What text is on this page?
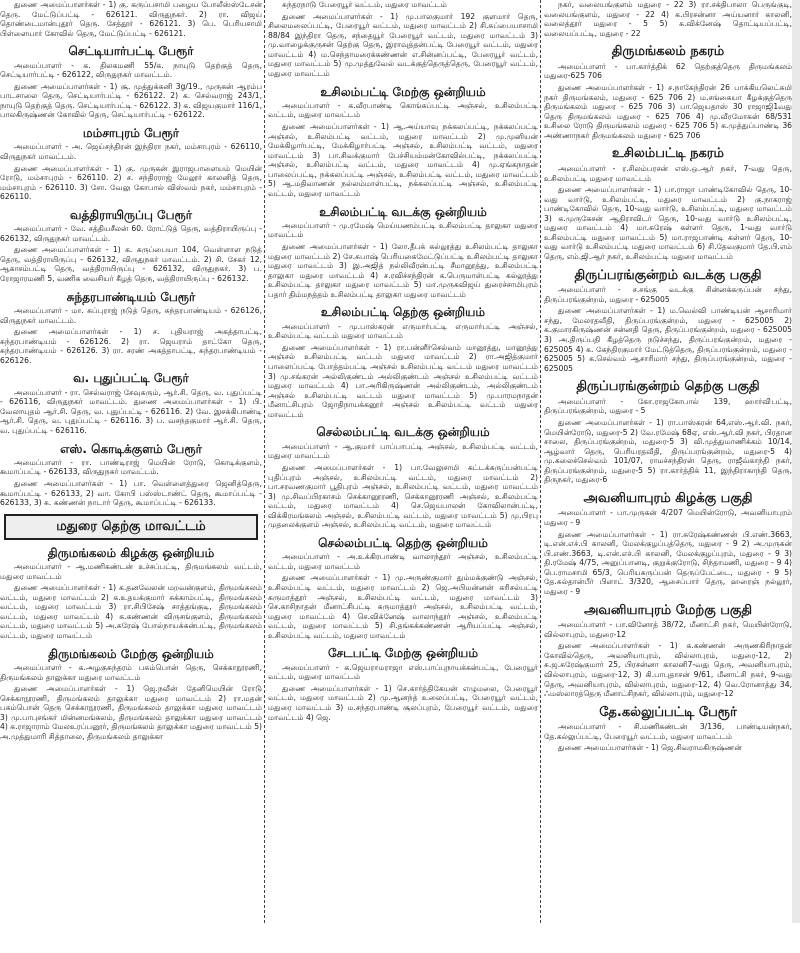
துணை அமைப்பாளர்கள் - 1) கு. கருப்பசாமி பழைய போலீஸ்ஸ்டேசன் தெரு. மேட்டுப்பட்டி - 626121. விருதுநகர். 2) ரா. விஜய் தொண்டைமான்புதூர் தெரு. சேத்தூர் - 626121. 3) பெ. பெரியசாமி பிள்ளையார் கோவில் தெரு, மேட்டுப்பட்டி - 626121.

செட்டியார்பட்டி பேரூர்

அமைப்பாளர் - க. திலகமணி 55/க. நாயுடு தெற்குத் தெரு, செட்டியார்பட்டி - 626122, விருதுநகர் மாவட்டம்.

துணை அமைப்பாளர்கள் - 1) சூ. முத்துக்கனி 3g/19., முருகன் ஆரம்ப பாடசாலை தெரு, செட்டியார்பட்டி - 626122. 2) க. செல்வராஜ் 243/1, நாயுடு தெற்குத் தெரு. செட்டியார்பட்டி - 626122. 3) க. விஜயகுமார் 116/1, பாலகிருஷ்ணன் கோவில் தெரு, செட்டியார்பட்டி - 626122.

மம்சாபுரம் பேரூர்

அமைப்பாளர் - அ. ஜெய்சந்திரன் இந்திரா நகர், மம்சாபுரம் - 626110, விருதுநகர் மாவட்டம்.

துணை அமைப்பாளர்கள் - 1) கு. முருகன் இராஜபாளையம் மெயின் ரோடு, மம்சாபுரம் - 626110. 2) ச. சந்திரராஜ் மேலூர் காலனித் தெரு, மம்சாபுரம் - 626110. 3) சோ. வேலு கோபால் விஸ்வம் நகர், மம்சாபுரம் - 626110.

வத்திராயிருப்பு பேரூர்

அமைப்பாளர் - வே. சத்தியசீலன் 60. ரோட்டுத் தெரு, வத்திராயிருப்பு - 626132, விருதுநகர் மாவட்டம்.

துணை அமைப்பாளர்கள் - 1) க. கருப்பையா 104, வெள்ளாள நடுத் தெரு, வத்திராயிருப்பு - 626132, விருதுநகர் மாவட்டம். 2) சி. சேகர் 12, ஆகாசம்பட்டி தெரு, வத்திராயிருப்பு - 626132, விருதுநகர். 3) ப. ரோஜாரமணி 5, வணிக வைசியர் கீழத் தெரு, வத்திராயிருப்பு - 626132.

சுந்தரபாண்டியம் பேரூர்

அமைப்பாளர் - மா. சுப்புராஜ் நடுத் தெரு, சுந்தரபாண்டியம் - 626126, விருதுநகர் மாவட்டம்.

துணை அமைப்பாளர்கள் - 1) ச. புதியராஜ் அகத்தாபட்டி, சுந்தரபாண்டியம் - 626126. 2) ரா. ஜெயராம் தாட்கோ தெரு, சுந்தரபாண்டியம் - 626126. 3) ரா. சரண் அகத்தாபட்டி, சுந்தரபாண்டியம் - 626126.

வ. புதுப்பட்டி பேரூர்

அமைப்பாளர் - ரா. செல்வராஜ் சேவுகரும், ஆர்.சி. தெரு, வ. புதுப்பட்டி - 626116, விருதுநகர் மாவட்டம். துணை அமைப்பாளர்கள் - 1) பி. வேலாயுதம் ஆர்.சி. தெரு, வ. புதுப்பட்டி - 626116. 2) வே. இசக்கிபாண்டி ஆர்.சி. தெரு, வ. புதுப்பட்டி - 626116. 3) ப. வசந்தகுமார் ஆர்.சி. தெரு, வ. புதுப்பட்டி - 626116.

எஸ். கொடிக்குளம் பேரூர்

அமைப்பாளர் - ரா. பாண்டிராஜ் மெயின் ரோடு, கொடிக்குளம், கூமாப்பட்டி - 626133, விருதுநகர் மாவட்டம்.

துணை அமைப்பாளர்கள் - 1) பா. வெள்ளைத்துரை ஜெனித்தெரு, கூமாப்பட்டி - 626133, 2) வா. கோபி பஸ்ஸ்டாண்ட் தெரு, கூமாப்பட்டி - 626133, 3) க. கண்ணன் நாடார் தெரு, கூமாப்பட்டி - 626133.

மதுரை தெற்கு மாவட்டம்
திருமங்கலம் கிழக்கு ஒன்றியம்

அமைப்பாளர் - ஆ.மணிகண்டன் உச்சப்பட்டி, திருமங்கலம் வட்டம், மதுரை மாவட்டம்

துணை அமைப்பாளர்கள் - 1) க.தனவேலன் மறவன்குளம், திருமங்கலம் வட்டம், மதுரை மாவட்டம் 2) க.உதயக்குமார் சுக்காம்பட்டி, திருமங்கலம் வட்டம், மதுரை மாவட்டம் 3) ரா.சிபிசேஷ் சாத்தங்குடி, திருமங்கலம் வட்டம், மதுரை மாவட்டம் 4) க.கண்ணன் விருசங்குளம், திருமங்கலம் வட்டம், மதுரை மாவட்டம் 5) அ.சுரேஷ் போல்நாயக்கன்பட்டி, திருமங்கலம் வட்டம், மதுரை மாவட்டம்

திருமங்கலம் மேற்கு ஒன்றியம்

அமைப்பாளர் - க.அழகுசுந்தரம் பசும்பொன் தெரு, செக்காநூரணி, திருமங்கலம் தாலுக்கா மதுரை மாவட்டம்

துணை அமைப்பாளர்கள் - 1) ஜெ.நவீன் தேனிமெயின் ரோடு செக்காநூரணி, திருமங்கலம் தாலுக்கா மதுரை மாவட்டம் 2) ரா.மதன் பசும்பொன் தெரு செக்காநூரணி, திருமங்கலம் தாலுக்கா மதுரை மாவட்டம் 3) மு.பாபுசங்கர் மின்னமங்கலம், திருமங்கலம் தாலுக்கா மதுரை மாவட்டம் 4) க.ராஜாராம் மேலஉரப்பனூர், திருமங்கலம் தாலுக்கா மதுரை மாவட்டம் 5) அ.முத்துமாரி சித்தாலை, திருமங்கலம் தாலுக்கா

சுந்தரநாடு பேரையூர் வட்டம், மதுரை மாவட்டம்

துணை அமைப்பாளர்கள் - 1) மு.பாலகுமார் 192 குளமார் தெரு, சிலைமலைப்பட்டி, பேரையூர் வட்டம், மதுரை மாவட்டம் 2) சி.சுப்பையாசாமி 88/84 இந்திரா தெரு, சந்தையூர் பேரையூர் வட்டம், மதுரை மாவட்டம் 3) மு.வாழைக்குருசன் தெற்கு தெரு, இராவுத்தன்பட்டி பேரையூர் வட்டம், மதுரை மாவட்டம் 4) ம.செந்தாமரைக்கண்ணன் எ.சின்னப்பட்டி, பேரையூர் வட்டம், மதுரை மாவட்டம் 5) மு.முத்துவேல் வடக்குத்தெருத்தெரு, பேரையூர் வட்டம், மதுரை மாவட்டம்

உசிலம்பட்டி மேற்கு ஒன்றியம்

அமைப்பாளர் - க.வீரபாண்டி கொங்கப்பட்டி அஞ்சல், உசிலம்பட்டி வட்டம், மதுரை மாவட்டம்

துணை அமைப்பாளர்கள் - 1) ஆ.அய்யாவு நக்கலப்பட்டி, நக்கலப்பட்டி அஞ்சல், உசிலம்பட்டி வட்டம், மதுரை மாவட்டம் 2) மு.முனியன் மேக்கிழார்பட்டி, மேக்கிழார்பட்டி அஞ்சல், உசிலம்பட்டி வட்டம், மதுரை மாவட்டம் 3) பா.சிவக்குமார் பேச்சியம்மன்கோவில்பட்டி, நக்கலப்பட்டி அஞ்சல், உசிலம்பட்டி வட்டம், மதுரை மாவட்டம் 4) மு.ஏங்கநாதன் பாலைப்பட்டி, நக்கலப்பட்டி அஞ்சல், உசிலம்பட்டி வட்டம், மதுரை மாவட்டம் 5) ஆ.மதிவாணன் நல்லம்மாள்பட்டி, நக்கலப்பட்டி அஞ்சல், உசிலம்பட்டி வட்டம், மதுரை மாவட்டம்

உசிலம்பட்டி வடக்கு ஒன்றியம்

அமைப்பாளர் - மு.ரமேஷ் மெய்யணம்பட்டி உசிலம்பட்டி தாலுகா மதுரை மாவட்டம்

துணை அமைப்பாளர்கள் - 1) லோ.தீபக் கல்லூத்து உசிலம்பட்டி தாலுகா மதுரை மாவட்டம் 2) சே.சுபாஷ் பெரியகைமேட்டுப்பட்டி உசிலம்பட்டி தாலுகா மதுரை மாவட்டம் 3) இ.அஜித் நல்லிவீரன்பட்டி சீமானூத்து, உசிலம்பட்டி தாலுகா மதுரை மாவட்டம் 4) ச.ரவிச்சந்திரன் க.பெருமாள்பட்டி கல்லூத்து உசிலம்பட்டி தாலுகா மதுரை மாவட்டம் 5) மா.முருகவிஜய் துரைச்சாமிபுரம் பதார் திம்மநத்தம் உசிலம்பட்டி தாலுகா மதுரை மாவட்டம்

உசிலம்பட்டி தெற்கு ஒன்றியம்

அமைப்பாளர் - மு.பாஸ்கரன் எருமார்பட்டி எருமார்பட்டி அஞ்சல், உசிலம்பட்டி வட்டம் மதுரை மாவட்டம்

துணை அமைப்பாளர்கள் - 1) ரா.பன்னீர்செல்வம் மானூத்து, மானூத்து அஞ்சல் உசிலம்பட்டி வட்டம் மதுரை மாவட்டம் 2) ரா.அஜித்குமார் பாளைப்பட்டி போத்தம்பட்டி அஞ்சல் உசிலம்பட்டி வட்டம் மதுரை மாவட்டம் 3) மு.சங்கரன் அல்லிகுண்டம் அல்லிகுண்டம் அஞ்சல் உசிலம்பட்டி வட்டம் மதுரை மாவட்டம் 4) பா.அரிகிருஷ்ணன் அல்லிகுண்டம், அல்லிகுண்டம் அஞ்சல் உசிலம்பட்டி வட்டம் மதுரை மாவட்டம் 5) மு.பாரமநாதன் மீனாட்சிபுரம் ஜோதிநாயக்கனூர் அஞ்சல் உசிலம்பட்டி வட்டம் மதுரை மாவட்டம்

செல்லம்பட்டி வடக்கு ஒன்றியம்

அமைப்பாளர் - ஆ.குமார் பாப்பாபட்டி அஞ்சல், உசிலம்பட்டி வட்டம், மதுரை மாவட்டம்

துணை அமைப்பாளர்கள் - 1) பா.வேலுசாமி கட்டக்கருப்பன்பட்டி புதிப்புரம் அஞ்சல், உசிலம்பட்டி வட்டம், மதுரை மாவட்டம் 2) பா.சரவணகுமார் பூதிபுரம் அஞ்சல், உசிலம்பட்டி வட்டம், மதுரை மாவட்டம் 3) மு.சிவப்பிரகாசம் செக்கானூரணி, செக்கானூரணி அஞ்சல், உசிலம்பட்டி வட்டம், மதுரை மாவட்டம் 4) செ.ஜெயபாலன் கோவிலான்பட்டி, விக்கிரமங்கலம் அஞ்சல், உசிலம்பட்டி வட்டம், மதுரை மாவட்டம் 5) மு.பிரபு முதலைக்குளம் அஞ்சல், உசிலம்பட்டி வட்டம், மதுரை மாவட்டம்

செல்லம்பட்டி தெற்கு ஒன்றியம்

அமைப்பாளர் - அ.உக்கிரபாண்டி வாலாந்தூர் அஞ்சல், உசிலம்பட்டி வட்டம், மதுரை மாவட்டம்

துணை அமைப்பாளர்கள் - 1) மு.அருண்குமார் தும்மக்குண்டு அஞ்சல், உசிலம்பட்டி வட்டம், மதுரை மாவட்டம் 2) ஜெ.அபிமன்னன் கரிசல்பட்டி கருமாத்தூர் அஞ்சல், உசிலம்பட்டி வட்டம், மதுரை மாவட்டம் 3) செ.காசிநாதன் மீனாட்சிபட்டி கருமாத்தூர் அஞ்சல், உசிலம்பட்டி வட்டம், மதுரை மாவட்டம் 4) செ.விக்னேஷ் வாலாந்தூர் அஞ்சல், உசிலம்பட்டி வட்டம், மதுரை மாவட்டம் 5) சி.தங்கக்கண்ணன் ஆரியப்பட்டி அஞ்சல், உசிலம்பட்டி வட்டம், மதுரை மாவட்டம்

சேடபட்டி மேற்கு ஒன்றியம்

அமைப்பாளர் - க.ஜெயராமராஜா எஸ்.பாப்புநாயக்கன்பட்டி, பேரையூர் வட்டம், மதுரை மாவட்டம்

துணை அமைப்பாளர்கள் - 1) செ.கார்த்திகேயன் எழுமலை, பேரையூர் வட்டம், மதுரை மாவட்டம் 2) மு.ஆனந்த் உலைப்பட்டி, பேரையூர் வட்டம், மதுரை மாவட்டம் 3) ம.சந்தரபாண்டி சூலப்புரம், பேரையூர் வட்டம், மதுரை மாவட்டம் 4) ஜெ.

நகர், வலையங்குளம் மதுரை - 22 3) ரா.சக்திபாலா பெருங்குடி, வலையங்குளம், மதுரை - 22 4) க.பிரசன்னா அய்யனார் காலனி, வலைத்தூர் மதுரை - 5 5) க.விக்னேஷ் தொட்டியப்பட்டி, வலையப்பட்டி, மதுரை - 22

திருமங்கலம் நகரம்

அமைப்பாளர் - பா.கார்த்திக் 62 தெற்குத்தெரு திருமங்கலம் மதுரை-625 706

துணை அமைப்பாளர்கள் - 1) ச.நாகேந்திரன் 26 பாக்கியலெட்சுமி நகர் திருமங்கலம், மதுரை - 625 706 2) ம.சங்கையா கீழக்குத்தெரு திருமங்கலம் மதுரை - 625 706 3) பா.ஜெயதாஸ் 30 ராஜாஜி1வது தெரு திருமங்கலம் மதுரை - 625 706 4) மு.வீரமோகன் 68/531 உசிலை ரோடு திருமங்கலம் மதுரை - 625 706 5) க.முத்துப்பாண்டி 36 அண்ணாநகர் திருமங்கலம் மதுரை - 625 706

உசிலம்பட்டி நகரம்

அமைப்பாளர் - ர.சிலம்பரசன் எஸ்.ஒ.ஆர் நகர், 7-வது தெரு, உசிலம்பட்டி மதுரை மாவட்டம்

துணை அமைப்பாளர்கள் - 1) பா.ராஜா பாண்டிகோவில் தெரு, 10-வது வார்டு, உசிலம்பட்டி, மதுரை மாவட்டம் 2) கு.நாகராஜ் பாண்டிகோவில் தெரு, 10-வது வார்டு, உசிலம்பட்டி, மதுரை மாவட்டம் 3) க.முருகேசன் ஆதிராவிடர் தெரு, 10-வது வார்டு உசிலம்பட்டி, மதுரை மாவட்டம் 4) மா.சுரேஷ் கள்ளர் தெரு, 1-வது வார்டு உசிலம்பட்டி மதுரை மாவட்டம் 5) மா.ராஜபாண்டி கள்ளர் தெரு, 10-வது வார்டு உசிலம்பட்டி மதுரை மாவட்டம் 6) சி.தேவகுமார் தே.பி.எம் தெரு, எம்.ஜி.ஆர் நகர், உசிலம்பட்டி மதுரை மாவட்டம்

திருப்பரங்குன்றம் வடக்கு பகுதி

அமைப்பாளர் - ச.சங்கு வடக்கு சின்னக்கருப்பன் சந்து, திருப்பரங்குன்றம், மதுரை - 625005

துணை அமைப்பாளர்கள் - 1) ம.வெல்வி பாண்டியன் ஆசாரிமார் சந்து, மேலரதவீதி, திருப்பரங்குன்றம், மதுரை - 625005 2) க.குமாரகிருஷ்ணன் சன்னதி தெரு, திருப்பரங்குன்றம், மதுரை - 625005 3) அ.திருப்பதி கீழத்தெரு நடுச்சந்து, திருப்பரங்குன்றம், மதுரை - 625005 4) க. கேந்திரகுமார் மேட்டுத்தெரு, திருப்பரங்குன்றம், மதுரை - 625005 5) க.செல்வம் ஆசாரிமார் சந்து, திருப்பரங்குன்றம், மதுரை - 625005

திருப்பரங்குன்றம் தெற்கு பகுதி

அமைப்பாளர் - கோ.ராஜகோபால் 139, ஹார்வி்பட்டி, திருப்பரங்குன்றம், மதுரை - 5

துணை அமைப்பாளர்கள் - 1) ரா.பாஸ்கரன் 64,எஸ்.ஆர்.வி. நகர், மெயின்ரோடு, மதுரை-5 2) வே.ரமேஷ் 68ஏ, எஸ்.ஆர்.வி நகர், பிரதான சாலை, திருப்பரங்குன்றம், மதுரை-5 3) வி.முத்துமாணிக்கம் 10/14, ஆழ்வார் தெரு, பெரியரதவீதி, திருப்பரங்குன்றம், மதுரை-5 4) மு.கலைச்செல்வம் 101/07, ராமச்சந்திரன் தெரு, ராஜீவ்காந்தி நகர், திருப்பரங்குன்றம், மதுரை-5 5) ரா.கார்த்திக் 11, இந்திராகாந்தி தெரு, திருநகர், மதுரை-6

அவனியாபுரம் கிழக்கு பகுதி

அமைப்பாளர் - பா.முருகன் 4/207 மெயின்ரோடு, அவனியாபுரம் மதுரை - 9

துணை அமைப்பாளர்கள் - 1) ரா.சுரேஷ்கண்ணன் பி.எண்.3663, டி.என்.எச்.பி காலனி, மேலக்குழப்புத்தெரு, மதுரை - 9 2) அ.முருகன் பி.எண்.3663, டி.என்.எச்.பி காலனி, மேலக்குழப்புரம், மதுரை - 9 3) தி.ரமேஷ் 4/75, அனுப்பானடி, குறுக்குரோடு, சிந்தாமணி, மதுரை - 9 4) பெ.ராமசாமி 65/3, பெரியகருப்பன் தெருப்பேட்டை, மதுரை - 9 5) தே.சுல்தான்பீர் பிளாட் 3/320, ஆசைப்பார் தெரு, ஹரைஞ் நல்லூர், மதுரை - 9

அவனியாபுரம் மேற்கு பகுதி

அமைப்பாளர் - பா.வினோத் 38/72, மீனாட்சி நகர், மெயின்ரோடு, வில்லாபுரம், மதுரை-12

துணை அமைப்பாளர்கள் - 1) க.கண்ணன் அருணகிரிநாதன் கோவில்தெரு, அவனியாபுரம், வில்லாபுரம், மதுரை-12, 2) சு.ஜ.சுரேஷ்குமார் 25, பிரசன்னா காலனி7-வது தெரு, அவனியாபுரம், வில்லாபுரம், மதுரை-12, 3) கி.பாபுதாசன் 9/61, மீனாட்சி நகர், 9-வது தெரு, அவனியாபுரம், வில்லாபுரம், மதுரை-12, 4) வெ.ரோனாத்து 34, ஃமஸ்லாரத்தெரு மீனாட்சிநகர், வில்லாபுரம், மதுரை-12

தே.கல்லுப்பட்டி பேரூர்

அமைப்பாளர் - சி.மணிகண்டன் 3/136, பாண்டியன்நகர், தே.கல்லுப்பட்டி, பேரையூர் வட்டம், மதுரை மாவட்டம்

துணை அமைப்பாளர்கள் - 1) ஜெ.சிவராமகிருஷ்ணன்
